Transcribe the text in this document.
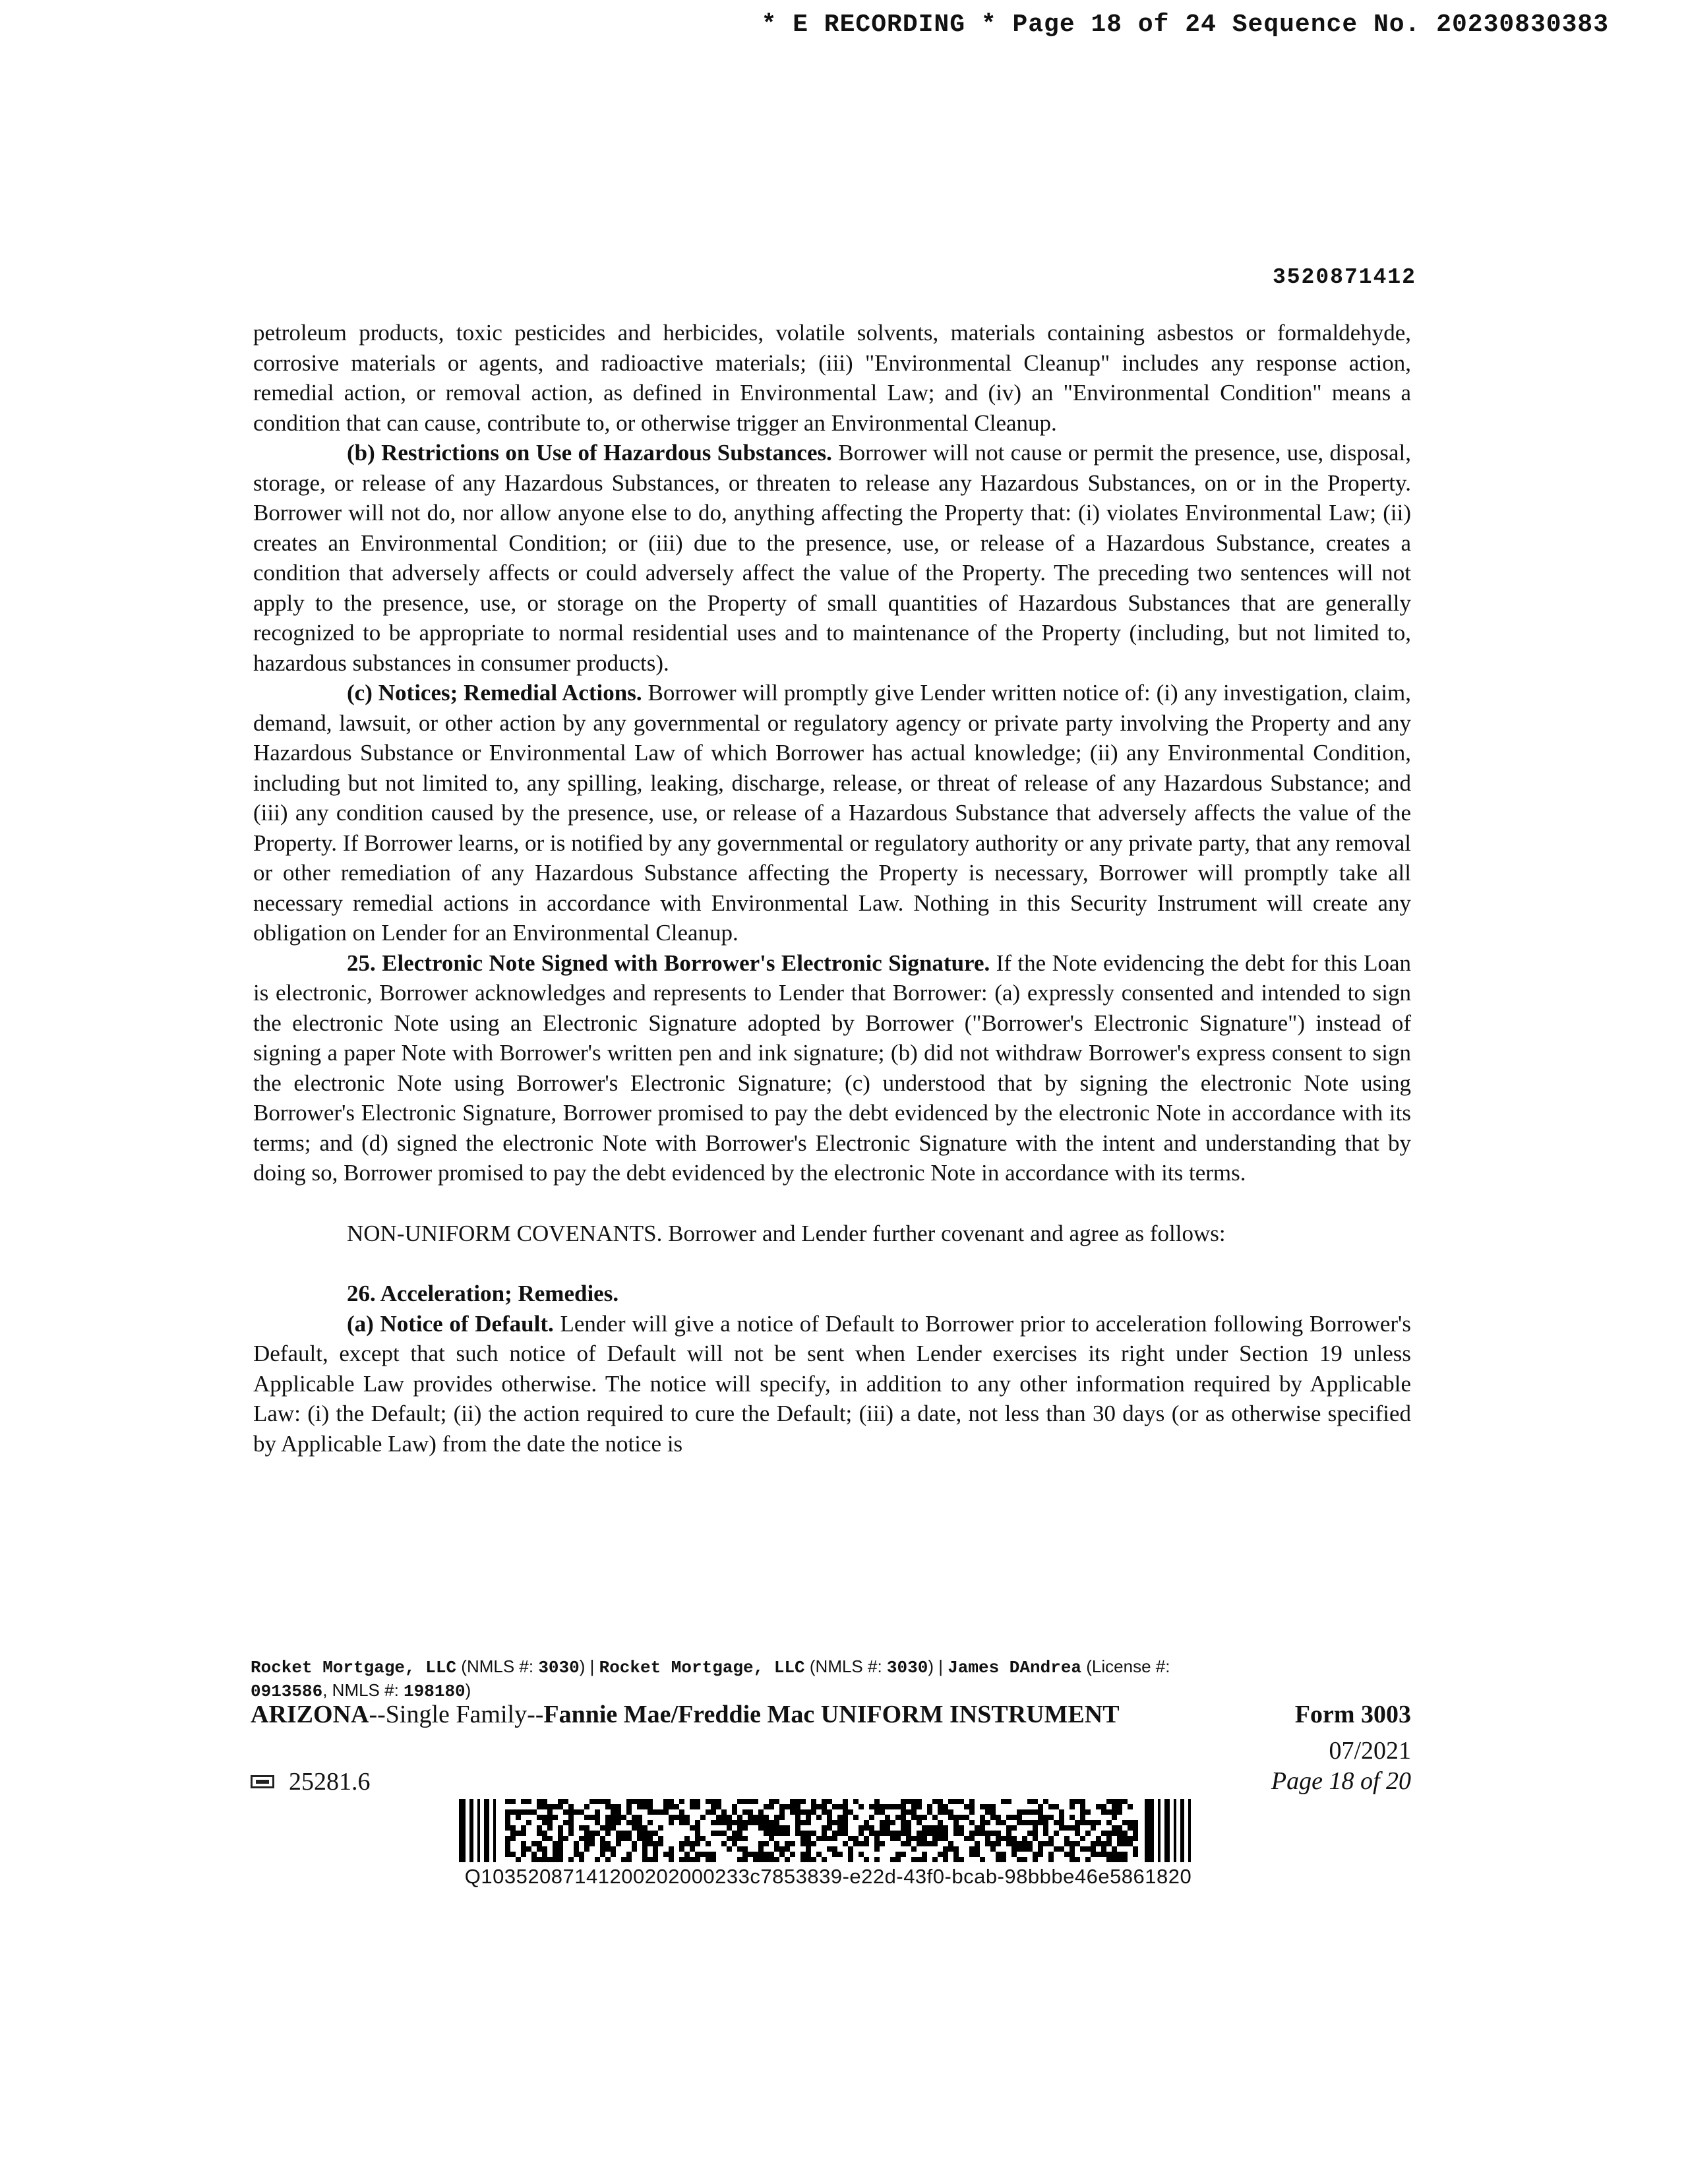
* E RECORDING * Page 18 of 24 Sequence No. 20230830383
3520871412

petroleum products, toxic pesticides and herbicides, volatile solvents, materials containing asbestos or formaldehyde, corrosive materials or agents, and radioactive materials; (iii) "Environmental Cleanup" includes any response action, remedial action, or removal action, as defined in Environmental Law; and (iv) an "Environmental Condition" means a condition that can cause, contribute to, or otherwise trigger an Environmental Cleanup.

(b) Restrictions on Use of Hazardous Substances. Borrower will not cause or permit the presence, use, disposal, storage, or release of any Hazardous Substances, or threaten to release any Hazardous Substances, on or in the Property. Borrower will not do, nor allow anyone else to do, anything affecting the Property that: (i) violates Environmental Law; (ii) creates an Environmental Condition; or (iii) due to the presence, use, or release of a Hazardous Substance, creates a condition that adversely affects or could adversely affect the value of the Property. The preceding two sentences will not apply to the presence, use, or storage on the Property of small quantities of Hazardous Substances that are generally recognized to be appropriate to normal residential uses and to maintenance of the Property (including, but not limited to, hazardous substances in consumer products).

(c) Notices; Remedial Actions. Borrower will promptly give Lender written notice of: (i) any investigation, claim, demand, lawsuit, or other action by any governmental or regulatory agency or private party involving the Property and any Hazardous Substance or Environmental Law of which Borrower has actual knowledge; (ii) any Environmental Condition, including but not limited to, any spilling, leaking, discharge, release, or threat of release of any Hazardous Substance; and (iii) any condition caused by the presence, use, or release of a Hazardous Substance that adversely affects the value of the Property. If Borrower learns, or is notified by any governmental or regulatory authority or any private party, that any removal or other remediation of any Hazardous Substance affecting the Property is necessary, Borrower will promptly take all necessary remedial actions in accordance with Environmental Law. Nothing in this Security Instrument will create any obligation on Lender for an Environmental Cleanup.

25. Electronic Note Signed with Borrower's Electronic Signature. If the Note evidencing the debt for this Loan is electronic, Borrower acknowledges and represents to Lender that Borrower: (a) expressly consented and intended to sign the electronic Note using an Electronic Signature adopted by Borrower ("Borrower's Electronic Signature") instead of signing a paper Note with Borrower's written pen and ink signature; (b) did not withdraw Borrower's express consent to sign the electronic Note using Borrower's Electronic Signature; (c) understood that by signing the electronic Note using Borrower's Electronic Signature, Borrower promised to pay the debt evidenced by the electronic Note in accordance with its terms; and (d) signed the electronic Note with Borrower's Electronic Signature with the intent and understanding that by doing so, Borrower promised to pay the debt evidenced by the electronic Note in accordance with its terms.

NON-UNIFORM COVENANTS. Borrower and Lender further covenant and agree as follows:

26. Acceleration; Remedies.

(a) Notice of Default. Lender will give a notice of Default to Borrower prior to acceleration following Borrower's Default, except that such notice of Default will not be sent when Lender exercises its right under Section 19 unless Applicable Law provides otherwise. The notice will specify, in addition to any other information required by Applicable Law: (i) the Default; (ii) the action required to cure the Default; (iii) a date, not less than 30 days (or as otherwise specified by Applicable Law) from the date the notice is

Rocket Mortgage, LLC (NMLS #: 3030) | Rocket Mortgage, LLC (NMLS #: 3030) | James DAndrea (License #:
0913586, NMLS #: 198180)
ARIZONA--Single Family--Fannie Mae/Freddie Mac UNIFORM INSTRUMENT	Form 3003
07/2021
Page 18 of 20
25281.6
Q10352087141200202000233c7853839-e22d-43f0-bcab-98bbbe46e5861820
